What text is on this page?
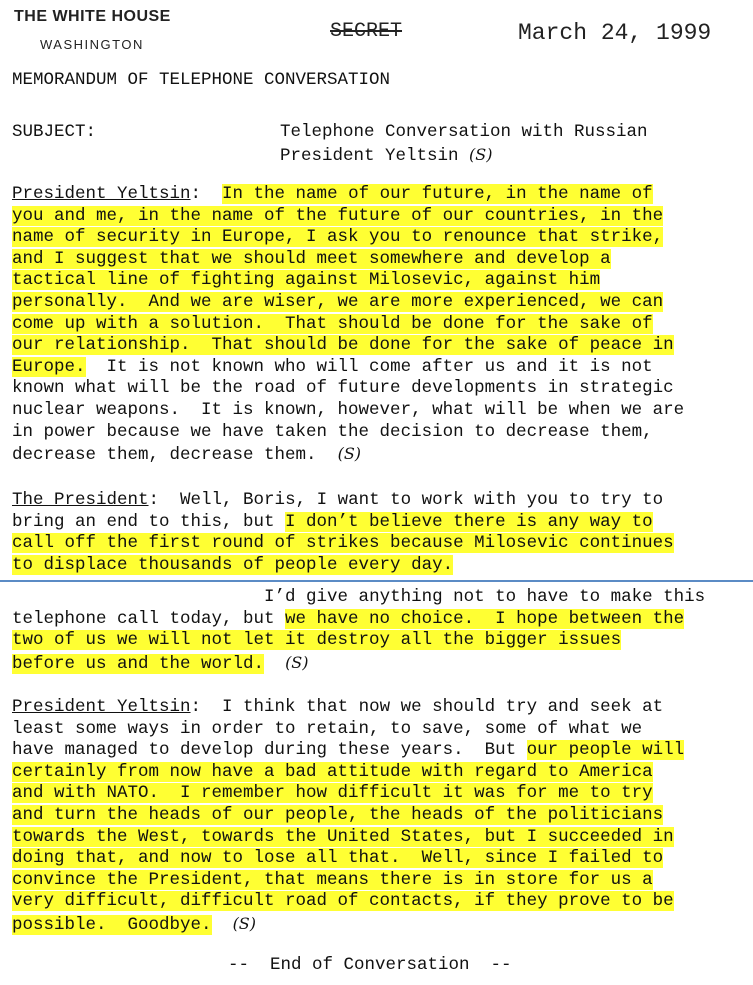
THE WHITE HOUSE
WASHINGTON
SECRET	March 24, 1999
MEMORANDUM OF TELEPHONE CONVERSATION
SUBJECT:	Telephone Conversation with Russian
President Yeltsin (S)
President Yeltsin:  In the name of our future, in the name of
you and me, in the name of the future of our countries, in the
name of security in Europe, I ask you to renounce that strike,
and I suggest that we should meet somewhere and develop a
tactical line of fighting against Milosevic, against him
personally.  And we are wiser, we are more experienced, we can
come up with a solution.  That should be done for the sake of
our relationship.  That should be done for the sake of peace in
Europe.  It is not known who will come after us and it is not
known what will be the road of future developments in strategic
nuclear weapons.  It is known, however, what will be when we are
in power because we have taken the decision to decrease them,
decrease them, decrease them. (S)
The President:  Well, Boris, I want to work with you to try to
bring an end to this, but I don’t believe there is any way to
call off the first round of strikes because Milosevic continues
to displace thousands of people every day.
I’d give anything not to have to make this
telephone call today, but we have no choice.  I hope between the
two of us we will not let it destroy all the bigger issues
before us and the world. (S)
President Yeltsin:  I think that now we should try and seek at
least some ways in order to retain, to save, some of what we
have managed to develop during these years.  But our people will
certainly from now have a bad attitude with regard to America
and with NATO.  I remember how difficult it was for me to try
and turn the heads of our people, the heads of the politicians
towards the West, towards the United States, but I succeeded in
doing that, and now to lose all that.  Well, since I failed to
convince the President, that means there is in store for us a
very difficult, difficult road of contacts, if they prove to be
possible.  Goodbye. (S)
--  End of Conversation  --
